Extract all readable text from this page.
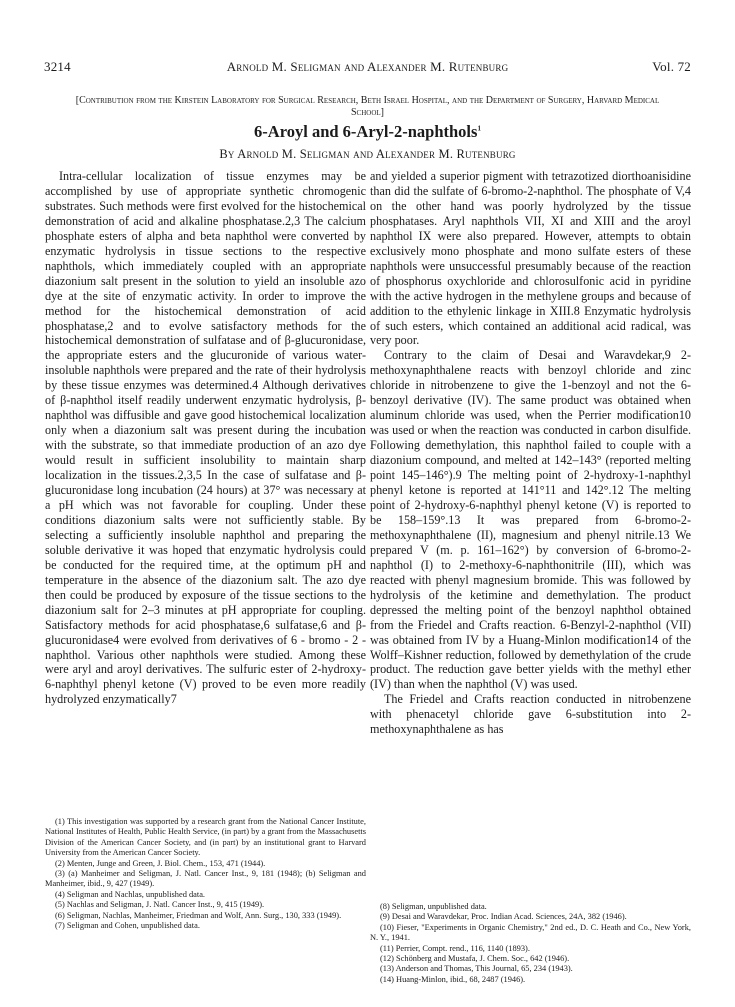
3214	Arnold M. Seligman and Alexander M. Rutenburg	Vol. 72
[Contribution from the Kirstein Laboratory for Surgical Research, Beth Israel Hospital, and the Department of Surgery, Harvard Medical School]
6-Aroyl and 6-Aryl-2-naphthols$^1$
By Arnold M. Seligman and Alexander M. Rutenburg

Intra-cellular localization of tissue enzymes may be accomplished by use of appropriate synthetic chromogenic substrates. Such methods were first evolved for the histochemical demonstration of acid and alkaline phosphatase.2,3 The calcium phosphate esters of alpha and beta naphthol were converted by enzymatic hydrolysis in tissue sections to the respective naphthols, which immediately coupled with an appropriate diazonium salt present in the solution to yield an insoluble azo dye at the site of enzymatic activity. In order to improve the method for the histochemical demonstration of acid phosphatase,2 and to evolve satisfactory methods for the histochemical demonstration of sulfatase and of β-glucuronidase, the appropriate esters and the glucuronide of various water-insoluble naphthols were prepared and the rate of their hydrolysis by these tissue enzymes was determined.4 Although derivatives of β-naphthol itself readily underwent enzymatic hydrolysis, β-naphthol was diffusible and gave good histochemical localization only when a diazonium salt was present during the incubation with the substrate, so that immediate production of an azo dye would result in sufficient insolubility to maintain sharp localization in the tissues.2,3,5 In the case of sulfatase and β-glucuronidase long incubation (24 hours) at 37° was necessary at a pH which was not favorable for coupling. Under these conditions diazonium salts were not sufficiently stable. By selecting a sufficiently insoluble naphthol and preparing the soluble derivative it was hoped that enzymatic hydrolysis could be conducted for the required time, at the optimum pH and temperature in the absence of the diazonium salt. The azo dye then could be produced by exposure of the tissue sections to the diazonium salt for 2–3 minutes at pH appropriate for coupling. Satisfactory methods for acid phosphatase,6 sulfatase,6 and β-glucuronidase4 were evolved from derivatives of 6 - bromo - 2 - naphthol. Various other naphthols were studied. Among these were aryl and aroyl derivatives. The sulfuric ester of 2-hydroxy-6-naphthyl phenyl ketone (V) proved to be even more readily hydrolyzed enzymatically7

and yielded a superior pigment with tetrazotized diorthoanisidine than did the sulfate of 6-bromo-2-naphthol. The phosphate of V,4 on the other hand was poorly hydrolyzed by the tissue phosphatases. Aryl naphthols VII, XI and XIII and the aroyl naphthol IX were also prepared. However, attempts to obtain exclusively mono phosphate and mono sulfate esters of these naphthols were unsuccessful presumably because of the reaction of phosphorus oxychloride and chlorosulfonic acid in pyridine with the active hydrogen in the methylene groups and because of addition to the ethylenic linkage in XIII.8 Enzymatic hydrolysis of such esters, which contained an additional acid radical, was very poor.

Contrary to the claim of Desai and Waravdekar,9 2-methoxynaphthalene reacts with benzoyl chloride and zinc chloride in nitrobenzene to give the 1-benzoyl and not the 6-benzoyl derivative (IV). The same product was obtained when aluminum chloride was used, when the Perrier modification10 was used or when the reaction was conducted in carbon disulfide. Following demethylation, this naphthol failed to couple with a diazonium compound, and melted at 142–143° (reported melting point 145–146°).9 The melting point of 2-hydroxy-1-naphthyl phenyl ketone is reported at 141°11 and 142°.12 The melting point of 2-hydroxy-6-naphthyl phenyl ketone (V) is reported to be 158–159°.13 It was prepared from 6-bromo-2-methoxynaphthalene (II), magnesium and phenyl nitrile.13 We prepared V (m. p. 161–162°) by conversion of 6-bromo-2-naphthol (I) to 2-methoxy-6-naphthonitrile (III), which was reacted with phenyl magnesium bromide. This was followed by hydrolysis of the ketimine and demethylation. The product depressed the melting point of the benzoyl naphthol obtained from the Friedel and Crafts reaction. 6-Benzyl-2-naphthol (VII) was obtained from IV by a Huang-Minlon modification14 of the Wolff–Kishner reduction, followed by demethylation of the crude product. The reduction gave better yields with the methyl ether (IV) than when the naphthol (V) was used.

The Friedel and Crafts reaction conducted in nitrobenzene with phenacetyl chloride gave 6-substitution into 2-methoxynaphthalene as has

(1) This investigation was supported by a research grant from the National Cancer Institute, National Institutes of Health, Public Health Service, (in part) by a grant from the Massachusetts Division of the American Cancer Society, and (in part) by an institutional grant to Harvard University from the American Cancer Society.

(2) Menten, Junge and Green, J. Biol. Chem., 153, 471 (1944).

(3) (a) Manheimer and Seligman, J. Natl. Cancer Inst., 9, 181 (1948); (b) Seligman and Manheimer, ibid., 9, 427 (1949).

(4) Seligman and Nachlas, unpublished data.

(5) Nachlas and Seligman, J. Natl. Cancer Inst., 9, 415 (1949).

(6) Seligman, Nachlas, Manheimer, Friedman and Wolf, Ann. Surg., 130, 333 (1949).

(7) Seligman and Cohen, unpublished data.

(8) Seligman, unpublished data.

(9) Desai and Waravdekar, Proc. Indian Acad. Sciences, 24A, 382 (1946).

(10) Fieser, "Experiments in Organic Chemistry," 2nd ed., D. C. Heath and Co., New York, N. Y., 1941.

(11) Perrier, Compt. rend., 116, 1140 (1893).

(12) Schönberg and Mustafa, J. Chem. Soc., 642 (1946).

(13) Anderson and Thomas, This Journal, 65, 234 (1943).

(14) Huang-Minlon, ibid., 68, 2487 (1946).
